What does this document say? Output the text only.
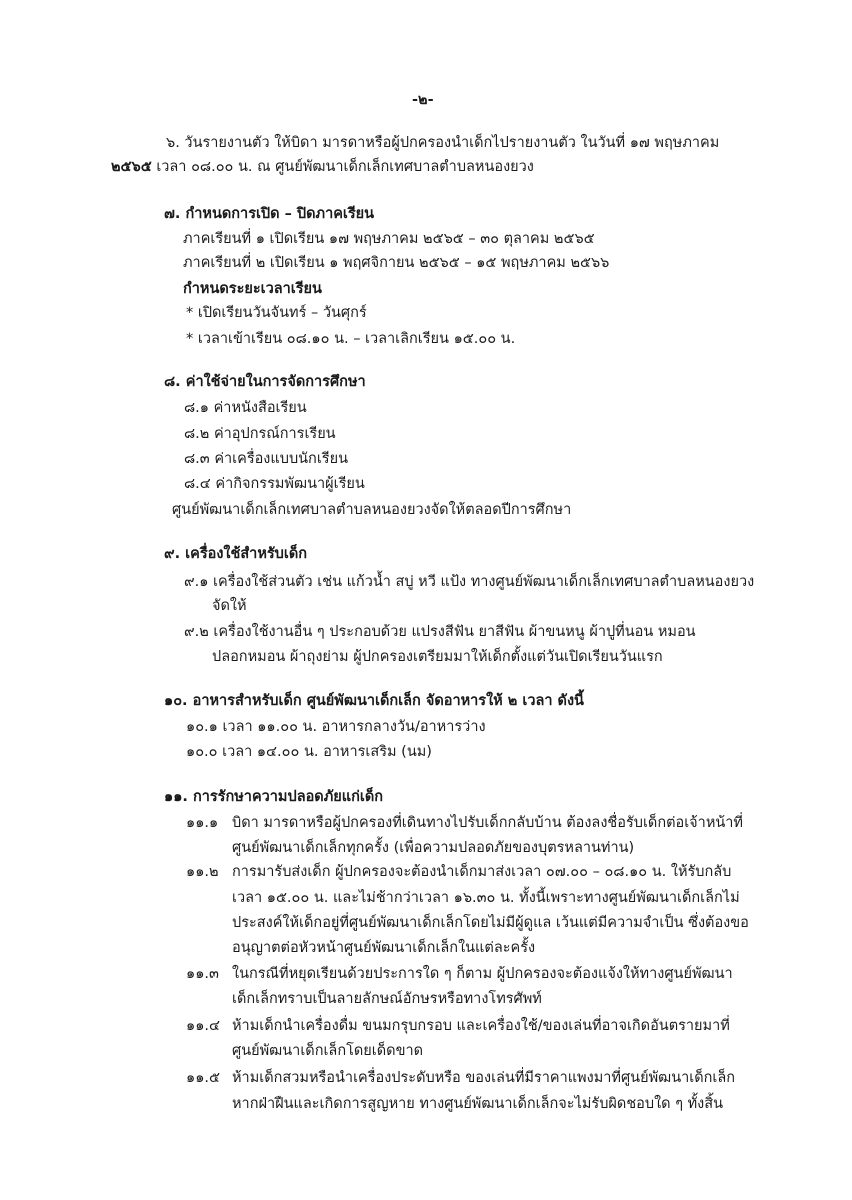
-๒-
๖. วันรายงานตัว ให้บิดา มารดาหรือผู้ปกครองนำเด็กไปรายงานตัว ในวันที่ ๑๗ พฤษภาคม
๒๕๖๕ เวลา ๐๘.๐๐ น. ณ ศูนย์พัฒนาเด็กเล็กเทศบาลตำบลหนองยวง
๗. กำหนดการเปิด – ปิดภาคเรียน
ภาคเรียนที่ ๑ เปิดเรียน ๑๗ พฤษภาคม ๒๕๖๕ – ๓๐ ตุลาคม ๒๕๖๕
ภาคเรียนที่ ๒ เปิดเรียน ๑ พฤศจิกายน ๒๕๖๕ – ๑๕ พฤษภาคม ๒๕๖๖
กำหนดระยะเวลาเรียน
* เปิดเรียนวันจันทร์ – วันศุกร์
* เวลาเข้าเรียน ๐๘.๑๐ น. – เวลาเลิกเรียน ๑๕.๐๐ น.
๘. ค่าใช้จ่ายในการจัดการศึกษา
๘.๑ ค่าหนังสือเรียน
๘.๒ ค่าอุปกรณ์การเรียน
๘.๓ ค่าเครื่องแบบนักเรียน
๘.๔ ค่ากิจกรรมพัฒนาผู้เรียน
ศูนย์พัฒนาเด็กเล็กเทศบาลตำบลหนองยวงจัดให้ตลอดปีการศึกษา
๙. เครื่องใช้สำหรับเด็ก
๙.๑ เครื่องใช้ส่วนตัว เช่น แก้วน้ำ สบู่ หวี แป้ง ทางศูนย์พัฒนาเด็กเล็กเทศบาลตำบลหนองยวง
จัดให้
๙.๒ เครื่องใช้งานอื่น ๆ ประกอบด้วย แปรงสีฟัน ยาสีฟัน ผ้าขนหนู ผ้าปูที่นอน หมอน
ปลอกหมอน ผ้าถุงย่าม ผู้ปกครองเตรียมมาให้เด็กตั้งแต่วันเปิดเรียนวันแรก
๑๐. อาหารสำหรับเด็ก ศูนย์พัฒนาเด็กเล็ก จัดอาหารให้ ๒ เวลา ดังนี้
๑๐.๑ เวลา ๑๑.๐๐ น. อาหารกลางวัน/อาหารว่าง
๑๐.๐ เวลา ๑๔.๐๐ น. อาหารเสริม (นม)
๑๑. การรักษาความปลอดภัยแก่เด็ก
๑๑.๑ บิดา มารดาหรือผู้ปกครองที่เดินทางไปรับเด็กกลับบ้าน ต้องลงชื่อรับเด็กต่อเจ้าหน้าที่
ศูนย์พัฒนาเด็กเล็กทุกครั้ง (เพื่อความปลอดภัยของบุตรหลานท่าน)
๑๑.๒ การมารับส่งเด็ก ผู้ปกครองจะต้องนำเด็กมาส่งเวลา ๐๗.๐๐ – ๐๘.๑๐ น. ให้รับกลับ
เวลา ๑๕.๐๐ น. และไม่ช้ากว่าเวลา ๑๖.๓๐ น. ทั้งนี้เพราะทางศูนย์พัฒนาเด็กเล็กไม่
ประสงค์ให้เด็กอยู่ที่ศูนย์พัฒนาเด็กเล็กโดยไม่มีผู้ดูแล เว้นแต่มีความจำเป็น ซึ่งต้องขอ
อนุญาตต่อหัวหน้าศูนย์พัฒนาเด็กเล็กในแต่ละครั้ง
๑๑.๓ ในกรณีที่หยุดเรียนด้วยประการใด ๆ ก็ตาม ผู้ปกครองจะต้องแจ้งให้ทางศูนย์พัฒนา
เด็กเล็กทราบเป็นลายลักษณ์อักษรหรือทางโทรศัพท์
๑๑.๔ ห้ามเด็กนำเครื่องดื่ม ขนมกรุบกรอบ และเครื่องใช้/ของเล่นที่อาจเกิดอันตรายมาที่
ศูนย์พัฒนาเด็กเล็กโดยเด็ดขาด
๑๑.๕ ห้ามเด็กสวมหรือนำเครื่องประดับหรือ ของเล่นที่มีราคาแพงมาที่ศูนย์พัฒนาเด็กเล็ก
หากฝ่าฝืนและเกิดการสูญหาย ทางศูนย์พัฒนาเด็กเล็กจะไม่รับผิดชอบใด ๆ ทั้งสิ้น
